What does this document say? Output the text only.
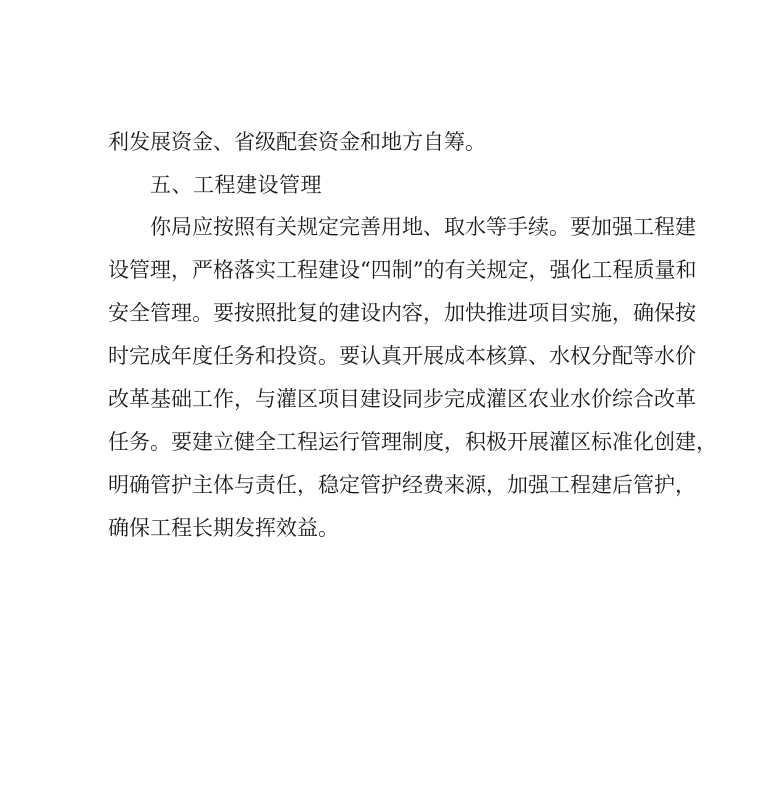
利发展资金、省级配套资金和地方自筹。
五、工程建设管理
你局应按照有关规定完善用地、取水等手续。要加强工程建
设管理，严格落实工程建设“四制”的有关规定，强化工程质量和
安全管理。要按照批复的建设内容，加快推进项目实施，确保按
时完成年度任务和投资。要认真开展成本核算、水权分配等水价
改革基础工作，与灌区项目建设同步完成灌区农业水价综合改革
任务。要建立健全工程运行管理制度，积极开展灌区标准化创建，
明确管护主体与责任，稳定管护经费来源，加强工程建后管护，
确保工程长期发挥效益。
